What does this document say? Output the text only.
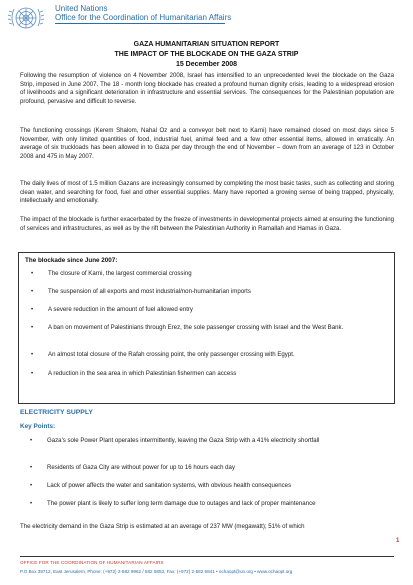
United Nations
Office for the Coordination of Humanitarian Affairs
GAZA HUMANITARIAN SITUATION REPORT
THE IMPACT OF THE BLOCKADE ON THE GAZA STRIP
15 December 2008
Following the resumption of violence on 4 November 2008, Israel has intensified to an unprecedented level the blockade on the Gaza Strip, imposed in June 2007. The 18 - month long blockade has created a profound human dignity crisis, leading to a widespread erosion of livelihoods and a significant deterioration in infrastructure and essential services. The consequences for the Palestinian population are profound, pervasive and difficult to reverse.
The functioning crossings (Kerem Shalom, Nahal Oz and a conveyor belt next to Karni) have remained closed on most days since 5 November, with only limited quantities of food, industrial fuel, animal feed and a few other essential items, allowed in erratically. An average of six truckloads has been allowed in to Gaza per day through the end of November – down from an average of 123 in October 2008 and 475 in May 2007.
The daily lives of most of 1.5 million Gazans are increasingly consumed by completing the most basic tasks, such as collecting and storing clean water, and searching for food, fuel and other essential supplies. Many have reported a growing sense of being trapped, physically, intellectually and emotionally.
The impact of the blockade is further exacerbated by the freeze of investments in developmental projects aimed at ensuring the functioning of services and infrastructures, as well as by the rift between the Palestinian Authority in Ramallah and Hamas in Gaza.
The blockade since June 2007:
•	The closure of Karni, the largest commercial crossing
•	The suspension of all exports and most industrial/non-humanitarian imports
•	A severe reduction in the amount of fuel allowed entry
•	A ban on movement of Palestinians through Erez, the sole passenger crossing with Israel and the West Bank.
•	An almost total closure of the Rafah crossing point, the only passenger crossing with Egypt.
•	A reduction in the sea area in which Palestinian fishermen can access
ELECTRICITY SUPPLY
Key Points:
•	Gaza's sole Power Plant operates intermittently, leaving the Gaza Strip with a 41% electricity shortfall
•	Residents of Gaza City are without power for up to 16 hours each day
•	Lack of power affects the water and sanitation systems, with obvious health consequences
•	The power plant is likely to suffer long term damage due to outages and lack of proper maintenance
The electricity demand in the Gaza Strip is estimated at an average of 237 MW (megawatt); 51% of which
OFFICE FOR THE COORDINATION OF HUMANITARIAN AFFAIRS
P.O.Box 38712, East Jerusalem, Phone: (+972) 2-582 9962 / 582 5853, Fax: (+972) 2-582 5841 • ochaopt@un.org • www.ochaopt.org
1
